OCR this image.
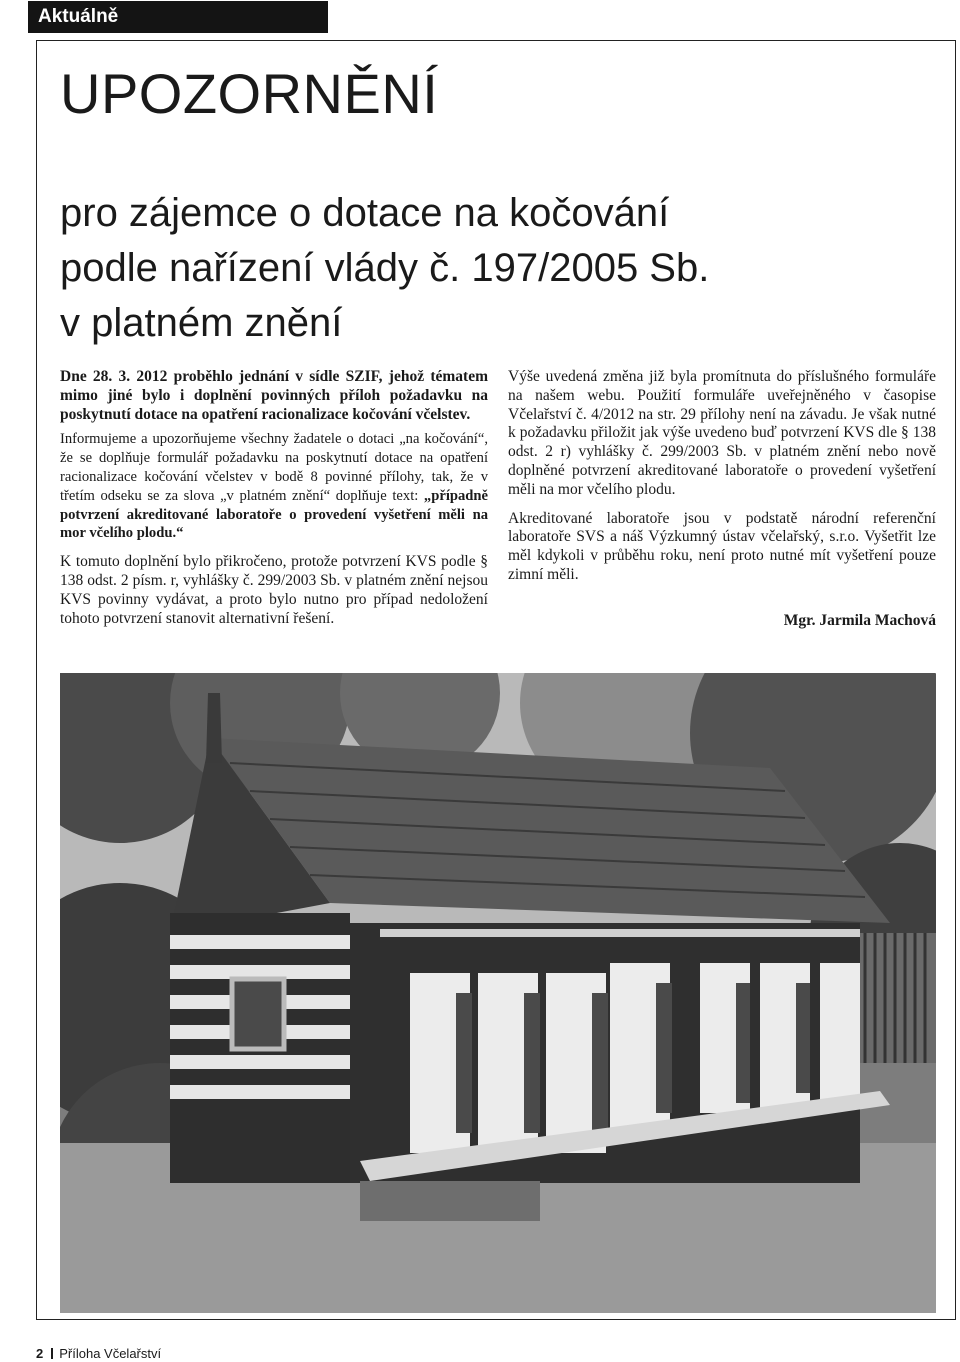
Aktuálně
UPOZORNĚNÍ
pro zájemce o dotace na kočování
podle nařízení vlády č. 197/2005 Sb.
v platném znění

Dne 28. 3. 2012 proběhlo jednání v sídle SZIF, jehož tématem mimo jiné bylo i doplnění povinných příloh požadavku na poskytnutí dotace na opatření racionalizace kočování včelstev.

Informujeme a upozorňujeme všechny žadatele o dotaci „na kočování“, že se doplňuje formulář požadavku na poskytnutí dotace na opatření racionalizace kočování včelstev v bodě 8 povinné přílohy, tak, že v třetím odseku se za slova „v platném znění“ doplňuje text: „případně potvrzení akreditované laboratoře o provedení vyšetření měli na mor včelího plodu.“

K tomuto doplnění bylo přikročeno, protože potvrzení KVS podle § 138 odst. 2 písm. r, vyhlášky č. 299/2003 Sb. v platném znění nejsou KVS povinny vydávat, a proto bylo nutno pro případ nedoložení tohoto potvrzení stanovit alternativní řešení.

Výše uvedená změna již byla promítnuta do příslušného formuláře na našem webu. Použití formuláře uveřejněného v časopise Včelařství č. 4/2012 na str. 29 přílohy není na závadu. Je však nutné k požadavku přiložit jak výše uvedeno buď potvrzení KVS dle § 138 odst. 2 r) vyhlášky č. 299/2003 Sb. v platném znění nebo nově doplněné potvrzení akreditované laboratoře o provedení vyšetření měli na mor včelího plodu.

Akreditované laboratoře jsou v podstatě národní referenční laboratoře SVS a náš Výzkumný ústav včelařský, s.r.o. Vyšetřit lze měl kdykoli v průběhu roku, není proto nutné mít vyšetření pouze zimní měli.

Mgr. Jarmila Machová
2 Příloha Včelařství
